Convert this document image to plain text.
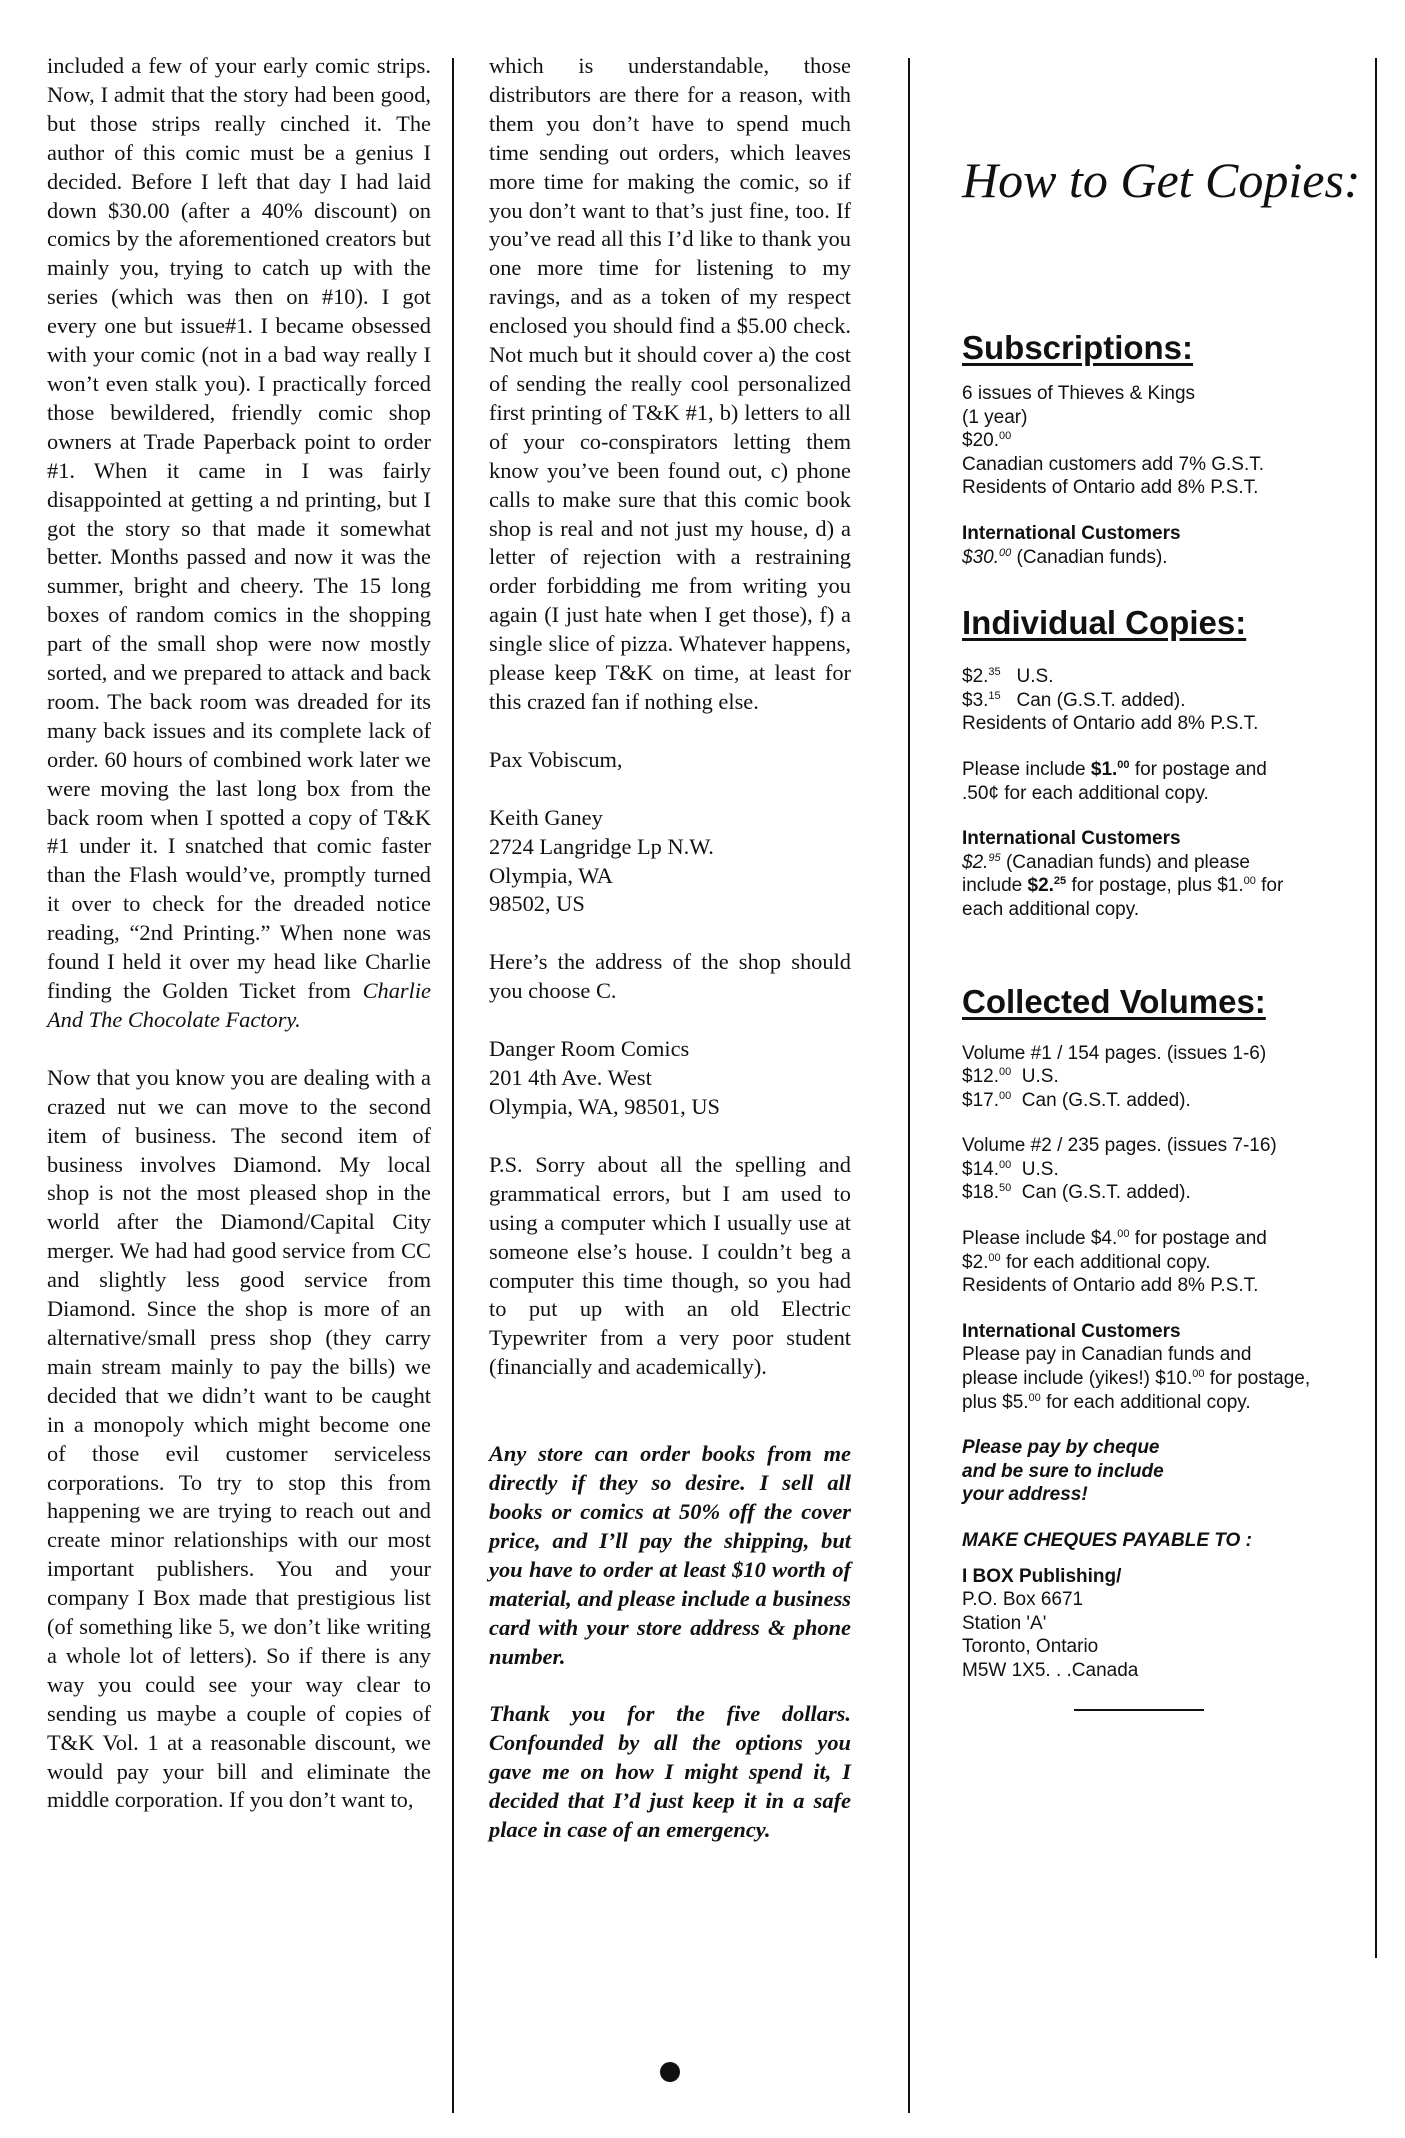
included a few of your early comic strips. Now, I admit that the story had been good, but those strips really cinched it. The author of this comic must be a genius I decided. Before I left that day I had laid down $30.00 (after a 40% discount) on comics by the aforementioned creators but mainly you, trying to catch up with the series (which was then on #10). I got every one but issue#1. I became obsessed with your comic (not in a bad way really I won’t even stalk you). I practically forced those bewildered, friendly comic shop owners at Trade Paperback point to order #1. When it came in I was fairly disappointed at getting a nd printing, but I got the story so that made it somewhat better. Months passed and now it was the summer, bright and cheery. The 15 long boxes of random comics in the shopping part of the small shop were now mostly sorted, and we prepared to attack and back room. The back room was dreaded for its many back issues and its complete lack of order. 60 hours of combined work later we were moving the last long box from the back room when I spotted a copy of T&K #1 under it. I snatched that comic faster than the Flash would’ve, promptly turned it over to check for the dreaded notice reading, “2nd Printing.” When none was found I held it over my head like Charlie finding the Golden Ticket from Charlie And The Chocolate Factory.

Now that you know you are dealing with a crazed nut we can move to the second item of business. The second item of business involves Diamond. My local shop is not the most pleased shop in the world after the Diamond/Capital City merger. We had had good service from CC and slightly less good service from Diamond. Since the shop is more of an alternative/small press shop (they carry main stream mainly to pay the bills) we decided that we didn’t want to be caught in a monopoly which might become one of those evil customer serviceless corporations. To try to stop this from happening we are trying to reach out and create minor relationships with our most important publishers. You and your company I Box made that prestigious list (of something like 5, we don’t like writing a whole lot of letters). So if there is any way you could see your way clear to sending us maybe a couple of copies of T&K Vol. 1 at a reasonable discount, we would pay your bill and eliminate the middle corporation. If you don’t want to,

which is understandable, those distributors are there for a reason, with them you don’t have to spend much time sending out orders, which leaves more time for making the comic, so if you don’t want to that’s just fine, too. If you’ve read all this I’d like to thank you one more time for listening to my ravings, and as a token of my respect enclosed you should find a $5.00 check. Not much but it should cover a) the cost of sending the really cool personalized first printing of T&K #1, b) letters to all of your co-conspirators letting them know you’ve been found out, c) phone calls to make sure that this comic book shop is real and not just my house, d) a letter of rejection with a restraining order forbidding me from writing you again (I just hate when I get those), f) a single slice of pizza. Whatever happens, please keep T&K on time, at least for this crazed fan if nothing else.

Pax Vobiscum,

Keith Ganey
2724 Langridge Lp N.W.
Olympia, WA
98502, US

Here’s the address of the shop should you choose C.

Danger Room Comics
201 4th Ave. West
Olympia, WA, 98501, US

P.S. Sorry about all the spelling and grammatical errors, but I am used to using a computer which I usually use at someone else’s house. I couldn’t beg a computer this time though, so you had to put up with an old Electric Typewriter from a very poor student (financially and academically).

Any store can order books from me directly if they so desire. I sell all books or comics at 50% off the cover price, and I’ll pay the shipping, but you have to order at least $10 worth of material, and please include a business card with your store address & phone number.

Thank you for the five dollars. Confounded by all the options you gave me on how I might spend it, I decided that I’d just keep it in a safe place in case of an emergency.

How to Get Copies:

Subscriptions:

6 issues of Thieves & Kings

(1 year)

$20.00

Canadian customers add 7% G.S.T.

Residents of Ontario add 8% P.S.T.

International Customers

$30.00 (Canadian funds).

Individual Copies:

$2.35 U.S.

$3.15 Can (G.S.T. added).

Residents of Ontario add 8% P.S.T.

Please include $1.00 for postage and

.50¢ for each additional copy.

International Customers

$2.95 (Canadian funds) and please

include $2.25 for postage, plus $1.00 for

each additional copy.

Collected Volumes:

Volume #1 / 154 pages. (issues 1-6)

$12.00 U.S.

$17.00 Can (G.S.T. added).

Volume #2 / 235 pages. (issues 7-16)

$14.00 U.S.

$18.50 Can (G.S.T. added).

Please include $4.00 for postage and

$2.00 for each additional copy.

Residents of Ontario add 8% P.S.T.

International Customers

Please pay in Canadian funds and

please include (yikes!) $10.00 for postage,

plus $5.00 for each additional copy.

Please pay by cheque

and be sure to include

your address!

MAKE CHEQUES PAYABLE TO :

I BOX Publishing/

P.O. Box 6671

Station 'A'

Toronto, Ontario

M5W 1X5. . .Canada
